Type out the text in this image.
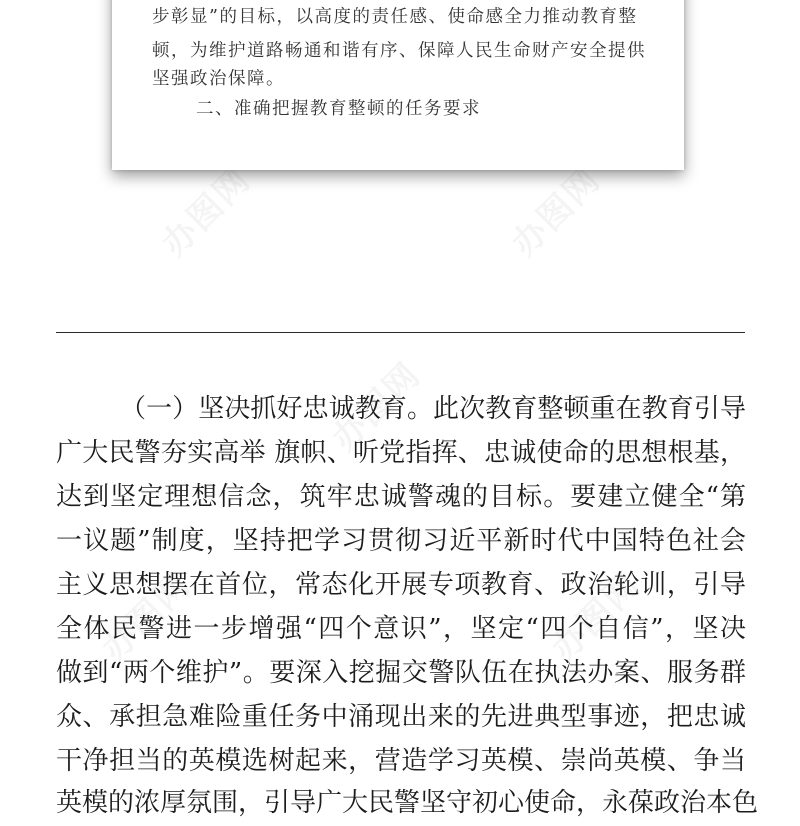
办图网	办图网
办图网
办图网	办图网
步彰显”的目标，以高度的责任感、使命感全力推动教育整
顿，为维护道路畅通和谐有序、保障人民生命财产安全提供
坚强政治保障。
二、准确把握教育整顿的任务要求
（一）坚决抓好忠诚教育。此次教育整顿重在教育引导
广大民警夯实高举 旗帜、听党指挥、忠诚使命的思想根基，
达到坚定理想信念，筑牢忠诚警魂的目标。要建立健全“第
一议题”制度，坚持把学习贯彻习近平新时代中国特色社会
主义思想摆在首位，常态化开展专项教育、政治轮训，引导
全体民警进一步增强“四个意识”，坚定“四个自信”，坚决
做到“两个维护”。要深入挖掘交警队伍在执法办案、服务群
众、承担急难险重任务中涌现出来的先进典型事迹，把忠诚
干净担当的英模选树起来，营造学习英模、崇尚英模、争当
英模的浓厚氛围，引导广大民警坚守初心使命，永葆政治本色
